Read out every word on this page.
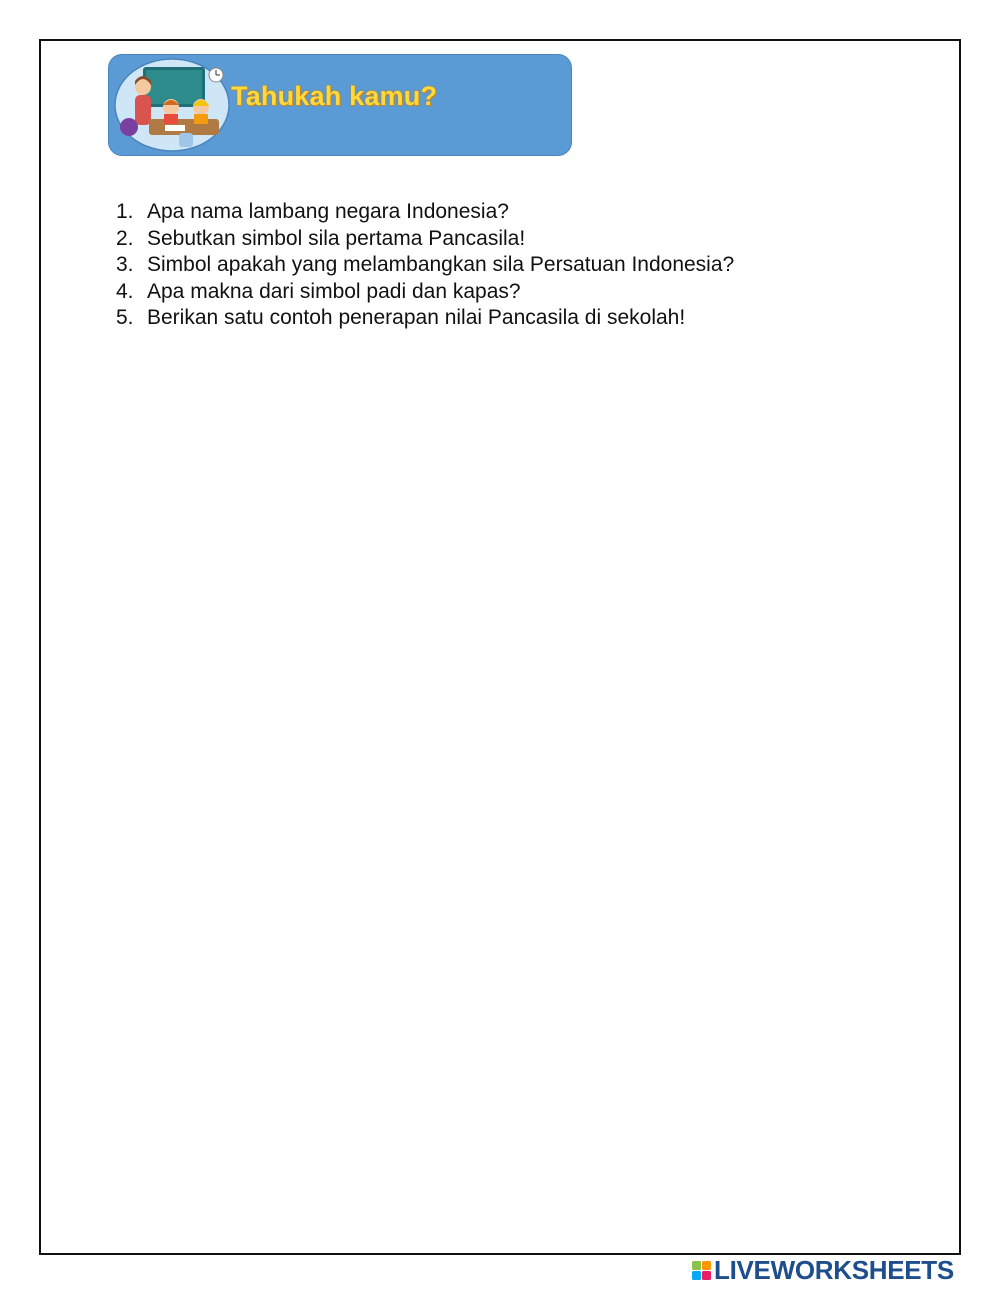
Tahukah kamu?
1. Apa nama lambang negara Indonesia?
2. Sebutkan simbol sila pertama Pancasila!
3. Simbol apakah yang melambangkan sila Persatuan Indonesia?
4. Apa makna dari simbol padi dan kapas?
5. Berikan satu contoh penerapan nilai Pancasila di sekolah!
LIVEWORKSHEETS
